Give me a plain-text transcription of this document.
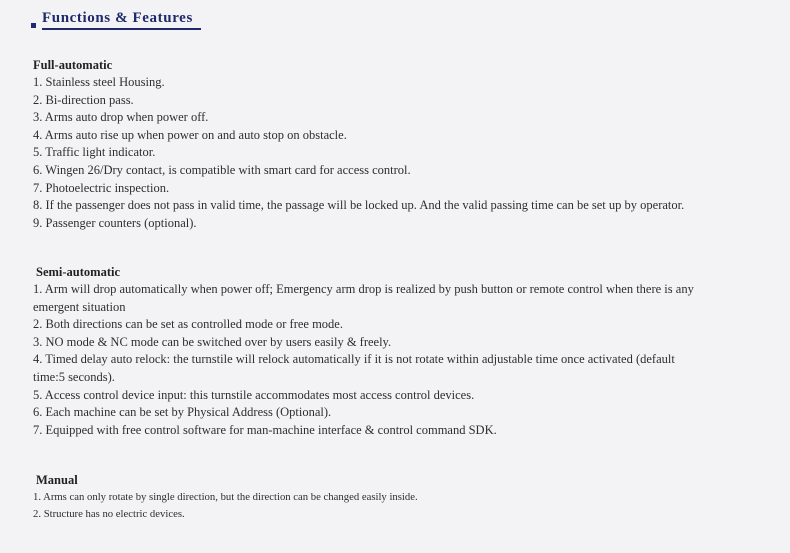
Functions & Features
Full-automatic
1. Stainless steel Housing.
2. Bi-direction pass.
3. Arms auto drop when power off.
4. Arms auto rise up when power on and auto stop on obstacle.
5. Traffic light indicator.
6. Wingen 26/Dry contact, is compatible with smart card for access control.
7. Photoelectric inspection.
8. If the passenger does not pass in valid time, the passage will be locked up. And the valid passing time can be set up by operator.
9. Passenger counters (optional).
Semi-automatic
1. Arm will drop automatically when power off; Emergency arm drop is realized by push button or remote control when there is any
emergent situation
2. Both directions can be set as controlled mode or free mode.
3. NO mode & NC mode can be switched over by users easily & freely.
4. Timed delay auto relock: the turnstile will relock automatically if it is not rotate within adjustable time once activated (default
time:5 seconds).
5. Access control device input: this turnstile accommodates most access control devices.
6. Each machine can be set by Physical Address (Optional).
7. Equipped with free control software for man-machine interface & control command SDK.
Manual
1. Arms can only rotate by single direction, but the direction can be changed easily inside.
2. Structure has no electric devices.
